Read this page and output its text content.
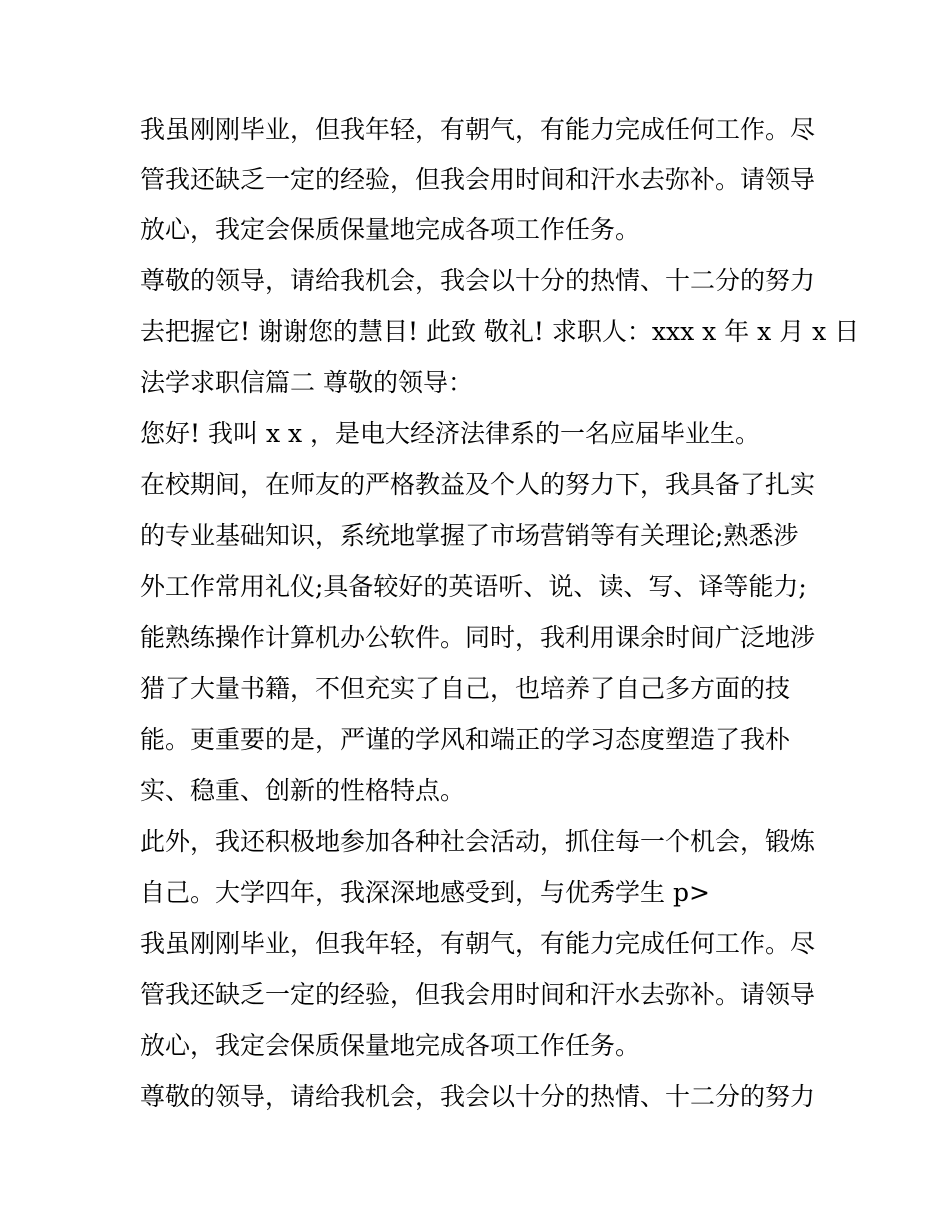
我虽刚刚毕业，但我年轻，有朝气，有能力完成任何工作。尽
管我还缺乏一定的经验，但我会用时间和汗水去弥补。请领导
放心，我定会保质保量地完成各项工作任务。
尊敬的领导，请给我机会，我会以十分的热情、十二分的努力
去把握它! 谢谢您的慧目! 此致 敬礼! 求职人：xxx x 年 x 月 x 日
法学求职信篇二 尊敬的领导：
您好! 我叫 x x ，是电大经济法律系的一名应届毕业生。
在校期间，在师友的严格教益及个人的努力下，我具备了扎实
的专业基础知识，系统地掌握了市场营销等有关理论;熟悉涉
外工作常用礼仪;具备较好的英语听、说、读、写、译等能力;
能熟练操作计算机办公软件。同时，我利用课余时间广泛地涉
猎了大量书籍，不但充实了自己，也培养了自己多方面的技
能。更重要的是，严谨的学风和端正的学习态度塑造了我朴
实、稳重、创新的性格特点。
此外，我还积极地参加各种社会活动，抓住每一个机会，锻炼
自己。大学四年，我深深地感受到，与优秀学生 p>
我虽刚刚毕业，但我年轻，有朝气，有能力完成任何工作。尽
管我还缺乏一定的经验，但我会用时间和汗水去弥补。请领导
放心，我定会保质保量地完成各项工作任务。
尊敬的领导，请给我机会，我会以十分的热情、十二分的努力
